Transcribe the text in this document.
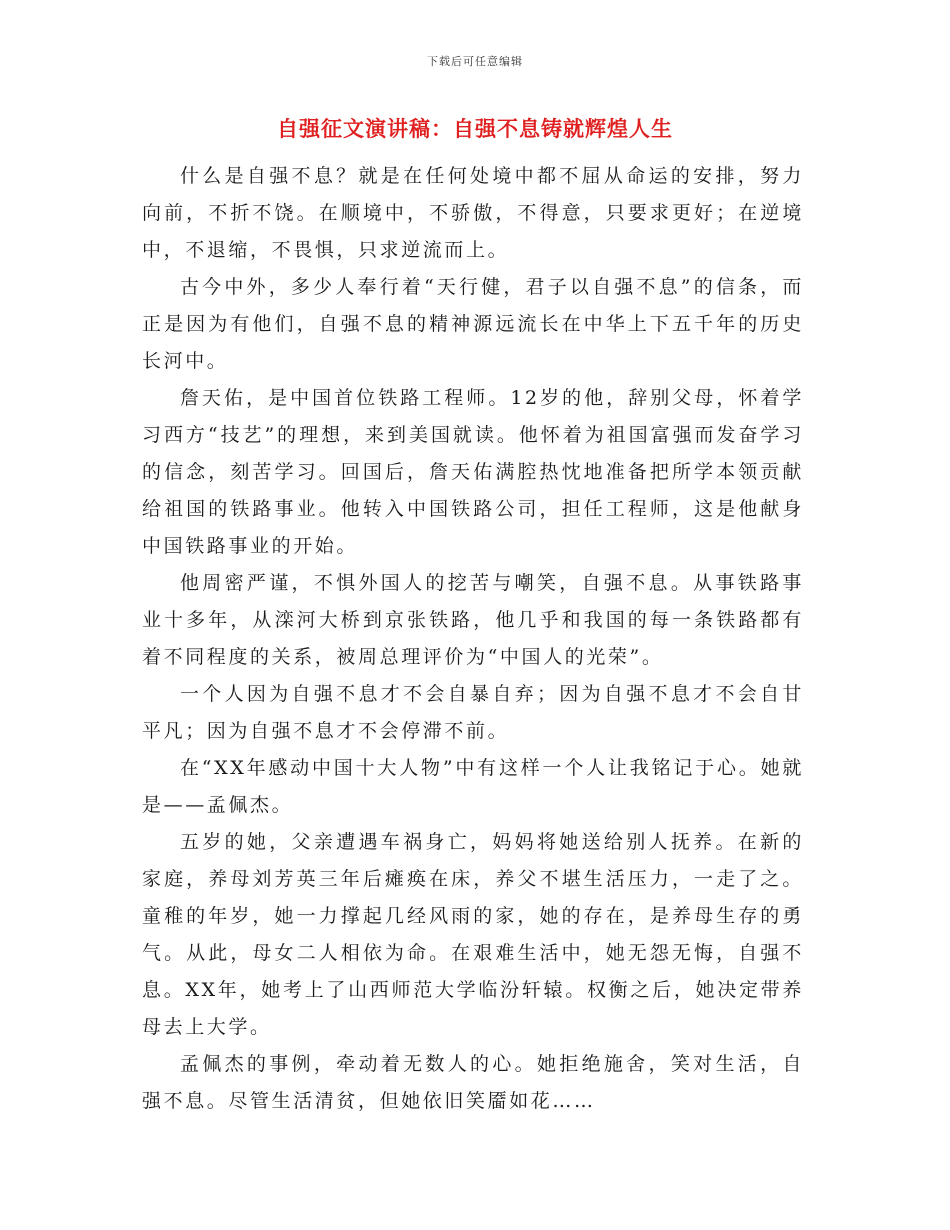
下载后可任意编辑
自强征文演讲稿：自强不息铸就辉煌人生

什么是自强不息？就是在任何处境中都不屈从命运的安排，努力向前，不折不饶。在顺境中，不骄傲，不得意，只要求更好；在逆境中，不退缩，不畏惧，只求逆流而上。

古今中外，多少人奉行着“天行健，君子以自强不息”的信条，而正是因为有他们，自强不息的精神源远流长在中华上下五千年的历史长河中。

詹天佑，是中国首位铁路工程师。12岁的他，辞别父母，怀着学习西方“技艺”的理想，来到美国就读。他怀着为祖国富强而发奋学习的信念，刻苦学习。回国后，詹天佑满腔热忱地准备把所学本领贡献给祖国的铁路事业。他转入中国铁路公司，担任工程师，这是他献身中国铁路事业的开始。

他周密严谨，不惧外国人的挖苦与嘲笑，自强不息。从事铁路事业十多年，从滦河大桥到京张铁路，他几乎和我国的每一条铁路都有着不同程度的关系，被周总理评价为“中国人的光荣”。

一个人因为自强不息才不会自暴自弃；因为自强不息才不会自甘平凡；因为自强不息才不会停滞不前。

在“XX年感动中国十大人物”中有这样一个人让我铭记于心。她就是——孟佩杰。

五岁的她，父亲遭遇车祸身亡，妈妈将她送给别人抚养。在新的家庭，养母刘芳英三年后瘫痪在床，养父不堪生活压力，一走了之。童稚的年岁，她一力撑起几经风雨的家，她的存在，是养母生存的勇气。从此，母女二人相依为命。在艰难生活中，她无怨无悔，自强不息。XX年，她考上了山西师范大学临汾轩辕。权衡之后，她决定带养母去上大学。

孟佩杰的事例，牵动着无数人的心。她拒绝施舍，笑对生活，自强不息。尽管生活清贫，但她依旧笑靥如花……
